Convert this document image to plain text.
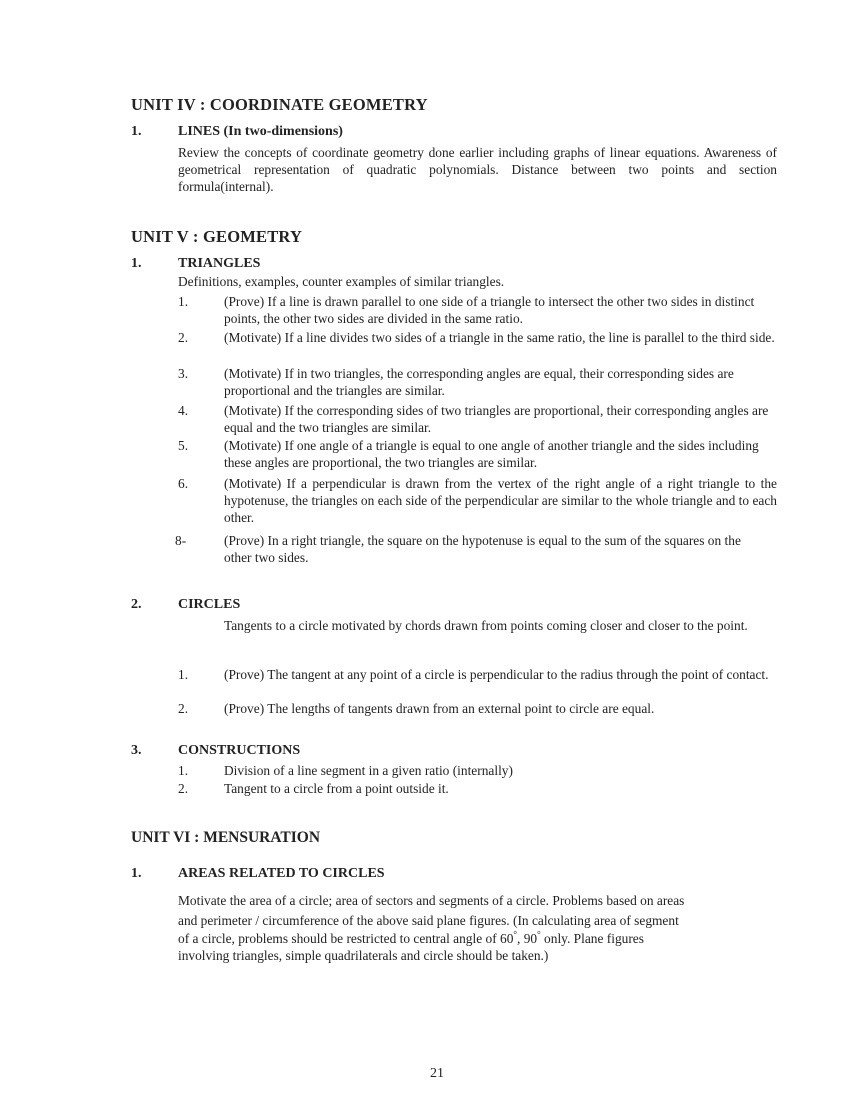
UNIT IV : COORDINATE GEOMETRY
1.	LINES (In two-dimensions)
Review the concepts of coordinate geometry done earlier including graphs of linear equations. Awareness of geometrical representation of quadratic polynomials. Distance between two points and section formula(internal).
UNIT V : GEOMETRY
1.	TRIANGLES
Definitions, examples, counter examples of similar triangles.
1.	(Prove) If a line is drawn parallel to one side of a triangle to intersect the other two sides in distinct points, the other two sides are divided in the same ratio.
2.	(Motivate) If a line divides two sides of a triangle in the same ratio, the line is parallel to the third side.
3.	(Motivate) If in two triangles, the corresponding angles are equal, their corresponding sides are proportional and the triangles are similar.
4.	(Motivate) If the corresponding sides of two triangles are proportional, their corresponding angles are equal and the two triangles are similar.
5.	(Motivate) If one angle of a triangle is equal to one angle of another triangle and the sides including these angles are proportional, the two triangles are similar.
6.	(Motivate) If a perpendicular is drawn from the vertex of the right angle of a right triangle to the hypotenuse, the triangles on each side of the perpendicular are similar to the whole triangle and to each other.
8-	(Prove) In a right triangle, the square on the hypotenuse is equal to the sum of the squares on the other two sides.
2.	CIRCLES
Tangents to a circle motivated by chords drawn from points coming closer and closer to the point.
1.	(Prove) The tangent at any point of a circle is perpendicular to the radius through the point of contact.
2.	(Prove) The lengths of tangents drawn from an external point to circle are equal.
3.	CONSTRUCTIONS
1.	Division of a line segment in a given ratio (internally)
2.	Tangent to a circle from a point outside it.
UNIT VI : MENSURATION
1.	AREAS RELATED TO CIRCLES
Motivate the area of a circle; area of sectors and segments of a circle. Problems based on areas
and perimeter / circumference of the above said plane figures. (In calculating area of segment
of a circle, problems should be restricted to central angle of 60°, 90° only. Plane figures
involving triangles, simple quadrilaterals and circle should be taken.)
21
